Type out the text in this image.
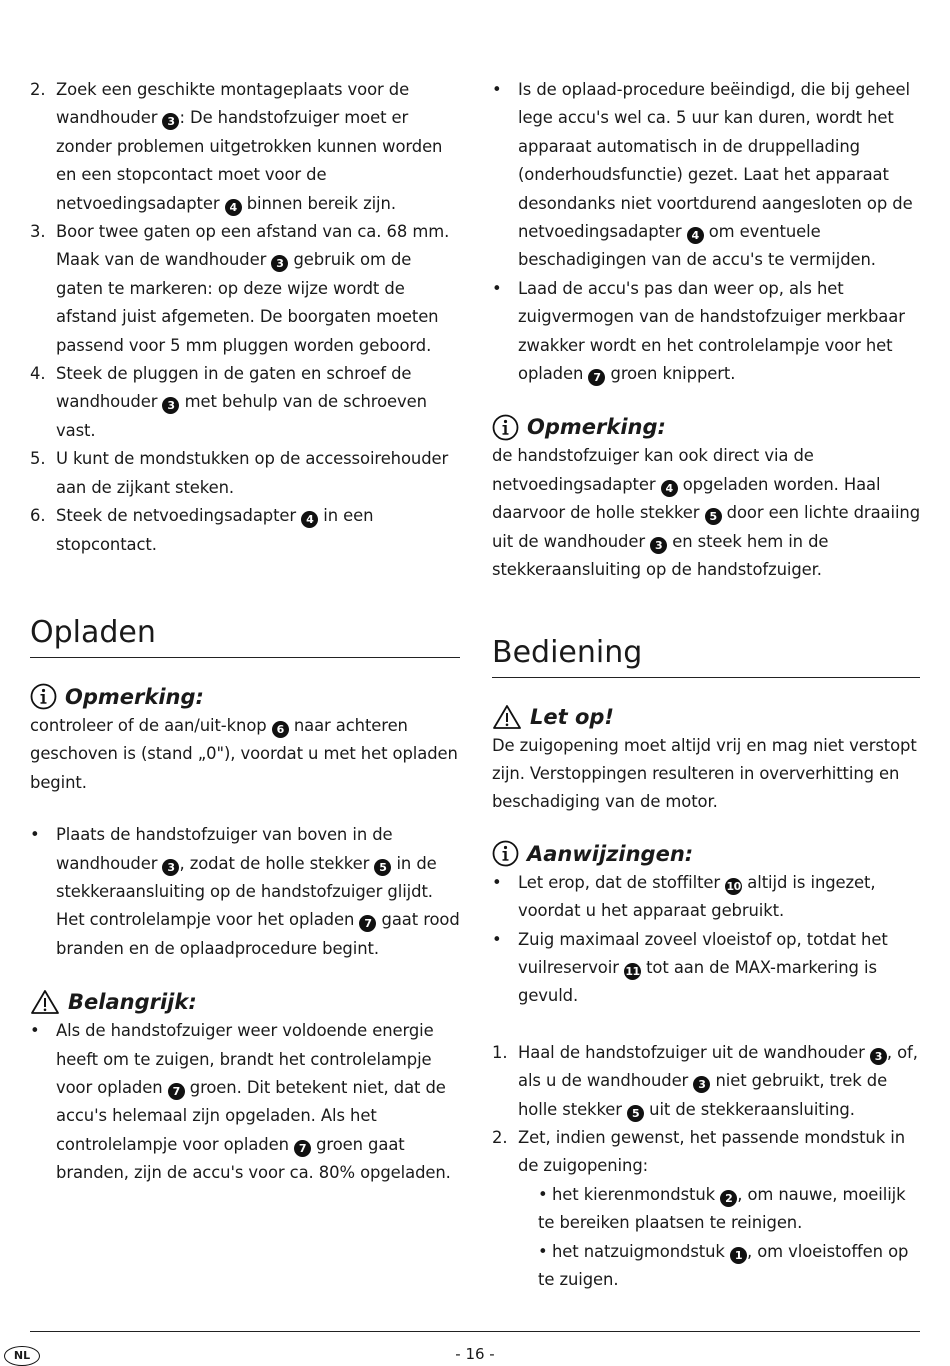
2. Zoek een geschikte montageplaats voor de wandhouder 3 : De handstofzuiger moet er zonder problemen uitgetrokken kunnen worden en een stopcontact moet voor de netvoedingsadapter 4 binnen bereik zijn.
3. Boor twee gaten op een afstand van ca. 68 mm. Maak van de wandhouder 3 gebruik om de gaten te markeren: op deze wijze wordt de afstand juist afgemeten. De boorgaten moeten passend voor 5 mm pluggen worden geboord.
4. Steek de pluggen in de gaten en schroef de wandhouder 3 met behulp van de schroeven vast.
5. U kunt de mondstukken op de accessoirehouder aan de zijkant steken.
6. Steek de netvoedingsadapter 4 in een stopcontact.
Opladen
Opmerking:

controleer of de aan/uit-knop 6 naar achteren geschoven is (stand „0"), voordat u met het opladen begint.

• Plaats de handstofzuiger van boven in de wandhouder 3 , zodat de holle stekker 5 in de stekkeraansluiting op de handstofzuiger glijdt. Het controlelampje voor het opladen 7 gaat rood branden en de oplaadprocedure begint.
Belangrijk:
• Als de handstofzuiger weer voldoende energie heeft om te zuigen, brandt het controlelampje voor opladen 7 groen. Dit betekent niet, dat de accu's helemaal zijn opgeladen. Als het controlelampje voor opladen 7 groen gaat branden, zijn de accu's voor ca. 80% opgeladen.
• Is de oplaad-procedure beëindigd, die bij geheel lege accu's wel ca. 5 uur kan duren, wordt het apparaat automatisch in de druppellading (onderhoudsfunctie) gezet. Laat het apparaat desondanks niet voortdurend aangesloten op de netvoedingsadapter 4 om eventuele beschadigingen van de accu's te vermijden.
• Laad de accu's pas dan weer op, als het zuigvermogen van de handstofzuiger merkbaar zwakker wordt en het controlelampje voor het opladen 7 groen knippert.
Opmerking:

de handstofzuiger kan ook direct via de netvoedingsadapter 4 opgeladen worden. Haal daarvoor de holle stekker 5 door een lichte draaiing uit de wandhouder 3 en steek hem in de stekkeraansluiting op de handstofzuiger.

Bediening
Let op!

De zuigopening moet altijd vrij en mag niet verstopt zijn. Verstoppingen resulteren in oververhitting en beschadiging van de motor.

Aanwijzingen:
• Let erop, dat de stoffilter 10 altijd is ingezet, voordat u het apparaat gebruikt.
• Zuig maximaal zoveel vloeistof op, totdat het vuilreservoir 11 tot aan de MAX-markering is gevuld.
1. Haal de handstofzuiger uit de wandhouder 3 , of, als u de wandhouder 3 niet gebruikt, trek de holle stekker 5 uit de stekkeraansluiting.
2. Zet, indien gewenst, het passende mondstuk in de zuigopening:
• het kierenmondstuk 2 , om nauwe, moeilijk te bereiken plaatsen te reinigen.
• het natzuigmondstuk 1 , om vloeistoffen op te zuigen.
NL	- 16 -
